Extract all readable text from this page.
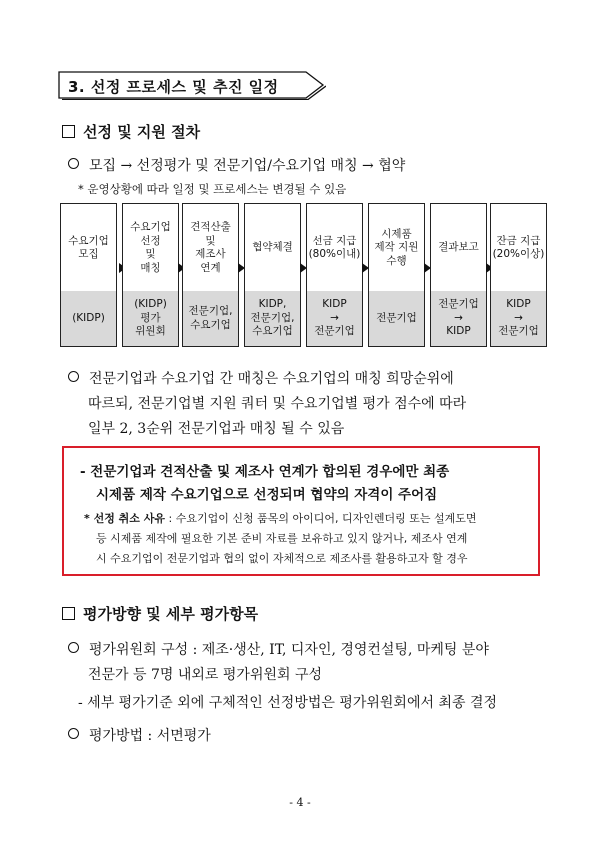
3. 선정 프로세스 및 추진 일정
선정 및 지원 절차
모집 → 선정평가 및 전문기업/수요기업 매칭 → 협약
* 운영상황에 따라 일정 및 프로세스는 변경될 수 있음
수요기업
모집
(KIDP)
수요기업
선정
및
매칭
(KIDP)
평가
위원회
견적산출
및
제조사
연계
전문기업,
수요기업
협약체결
KIDP,
전문기업,
수요기업
선금 지급
(80%이내)
KIDP
→
전문기업
시제품
제작 지원
수행
전문기업
결과보고
전문기업
→
KIDP
잔금 지급
(20%이상)
KIDP
→
전문기업
전문기업과 수요기업 간 매칭은 수요기업의 매칭 희망순위에
따르되, 전문기업별 지원 쿼터 및 수요기업별 평가 점수에 따라
일부 2, 3순위 전문기업과 매칭 될 수 있음
- 전문기업과 견적산출 및 제조사 연계가 합의된 경우에만 최종
시제품 제작 수요기업으로 선정되며 협약의 자격이 주어짐
* 선정 취소 사유 : 수요기업이 신청 품목의 아이디어, 디자인렌더링 또는 설계도면
등 시제품 제작에 필요한 기본 준비 자료를 보유하고 있지 않거나, 제조사 연계
시 수요기업이 전문기업과 협의 없이 자체적으로 제조사를 활용하고자 할 경우
평가방향 및 세부 평가항목
평가위원회 구성 : 제조·생산, IT, 디자인, 경영컨설팅, 마케팅 분야
전문가 등 7명 내외로 평가위원회 구성
- 세부 평가기준 외에 구체적인 선정방법은 평가위원회에서 최종 결정
평가방법 : 서면평가
- 4 -
